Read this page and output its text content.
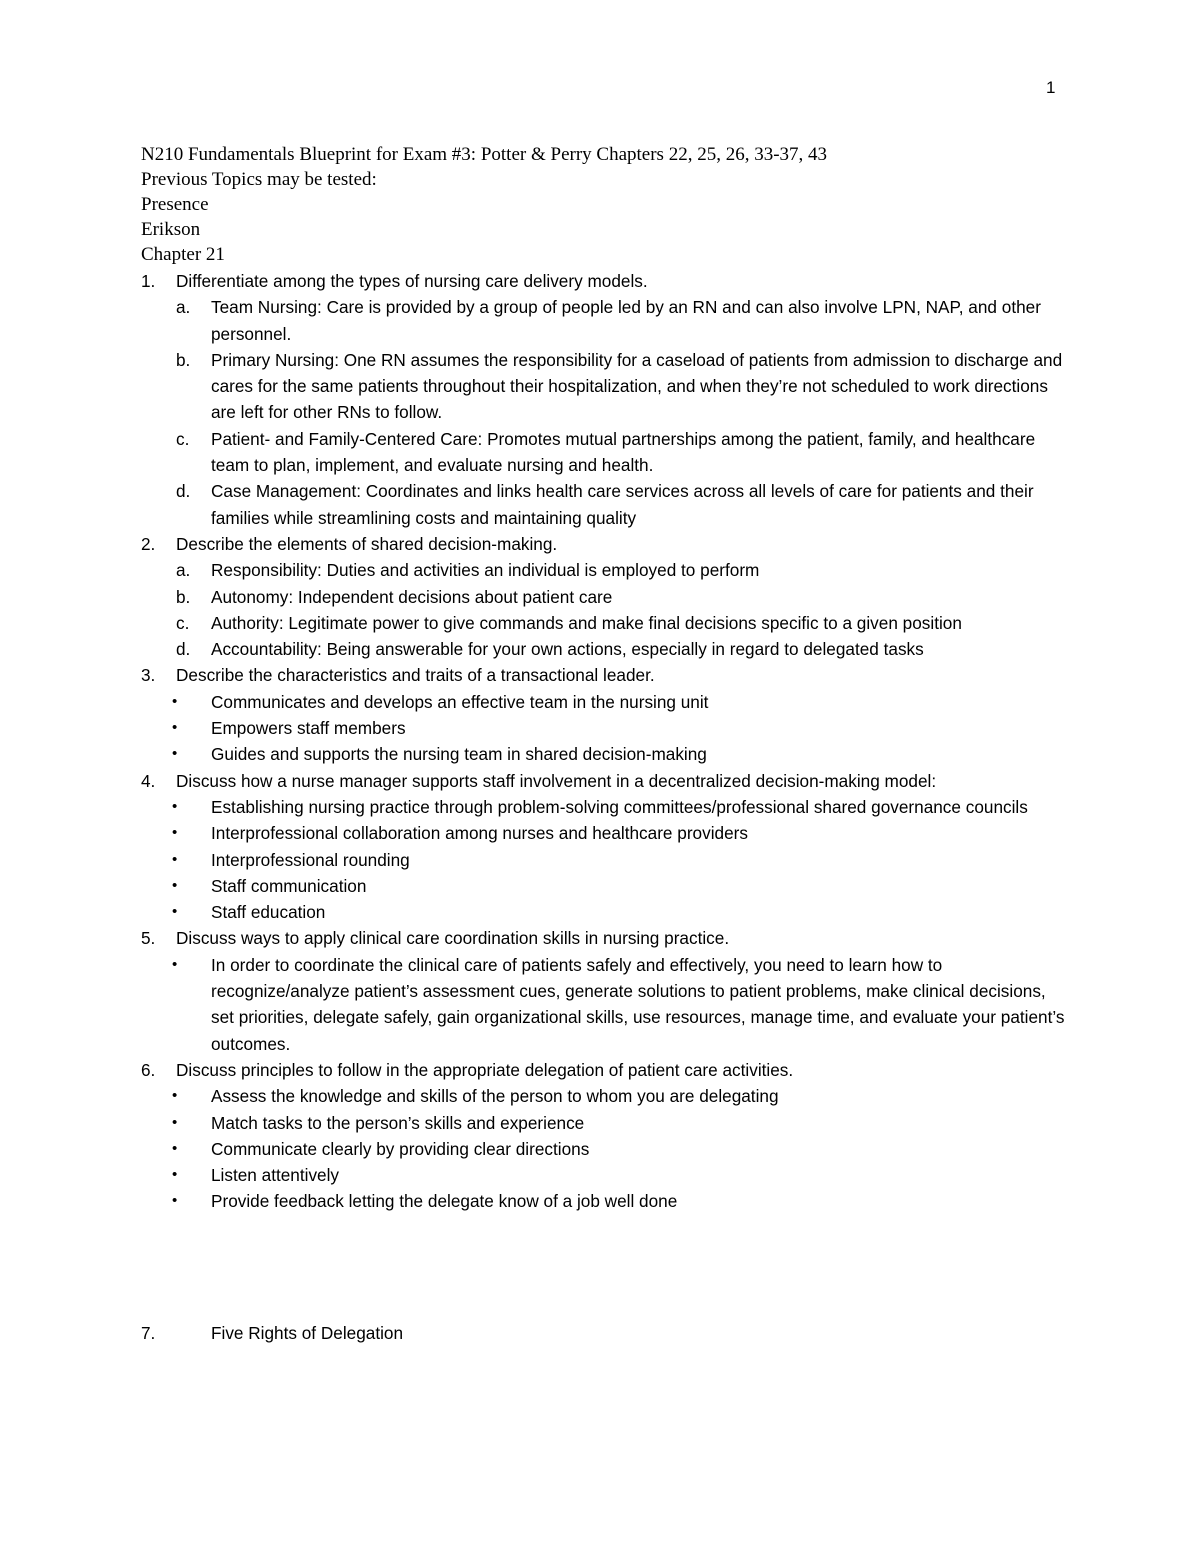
1
N210 Fundamentals Blueprint for Exam #3: Potter & Perry Chapters 22, 25, 26, 33-37, 43
Previous Topics may be tested:
Presence
Erikson
Chapter 21
1. Differentiate among the types of nursing care delivery models.
a. Team Nursing: Care is provided by a group of people led by an RN and can also involve LPN, NAP, and other personnel.
b. Primary Nursing: One RN assumes the responsibility for a caseload of patients from admission to discharge and cares for the same patients throughout their hospitalization, and when they’re not scheduled to work directions are left for other RNs to follow.
c. Patient- and Family-Centered Care: Promotes mutual partnerships among the patient, family, and healthcare team to plan, implement, and evaluate nursing and health.
d. Case Management: Coordinates and links health care services across all levels of care for patients and their families while streamlining costs and maintaining quality
2. Describe the elements of shared decision-making.
a. Responsibility: Duties and activities an individual is employed to perform
b. Autonomy: Independent decisions about patient care
c. Authority: Legitimate power to give commands and make final decisions specific to a given position
d. Accountability: Being answerable for your own actions, especially in regard to delegated tasks
3. Describe the characteristics and traits of a transactional leader.
• Communicates and develops an effective team in the nursing unit
• Empowers staff members
• Guides and supports the nursing team in shared decision-making
4. Discuss how a nurse manager supports staff involvement in a decentralized decision-making model:
• Establishing nursing practice through problem-solving committees/professional shared governance councils
• Interprofessional collaboration among nurses and healthcare providers
• Interprofessional rounding
• Staff communication
• Staff education
5. Discuss ways to apply clinical care coordination skills in nursing practice.
• In order to coordinate the clinical care of patients safely and effectively, you need to learn how to recognize/analyze patient’s assessment cues, generate solutions to patient problems, make clinical decisions, set priorities, delegate safely, gain organizational skills, use resources, manage time, and evaluate your patient’s outcomes.
6. Discuss principles to follow in the appropriate delegation of patient care activities.
• Assess the knowledge and skills of the person to whom you are delegating
• Match tasks to the person’s skills and experience
• Communicate clearly by providing clear directions
• Listen attentively
• Provide feedback letting the delegate know of a job well done
7.	Five Rights of Delegation
